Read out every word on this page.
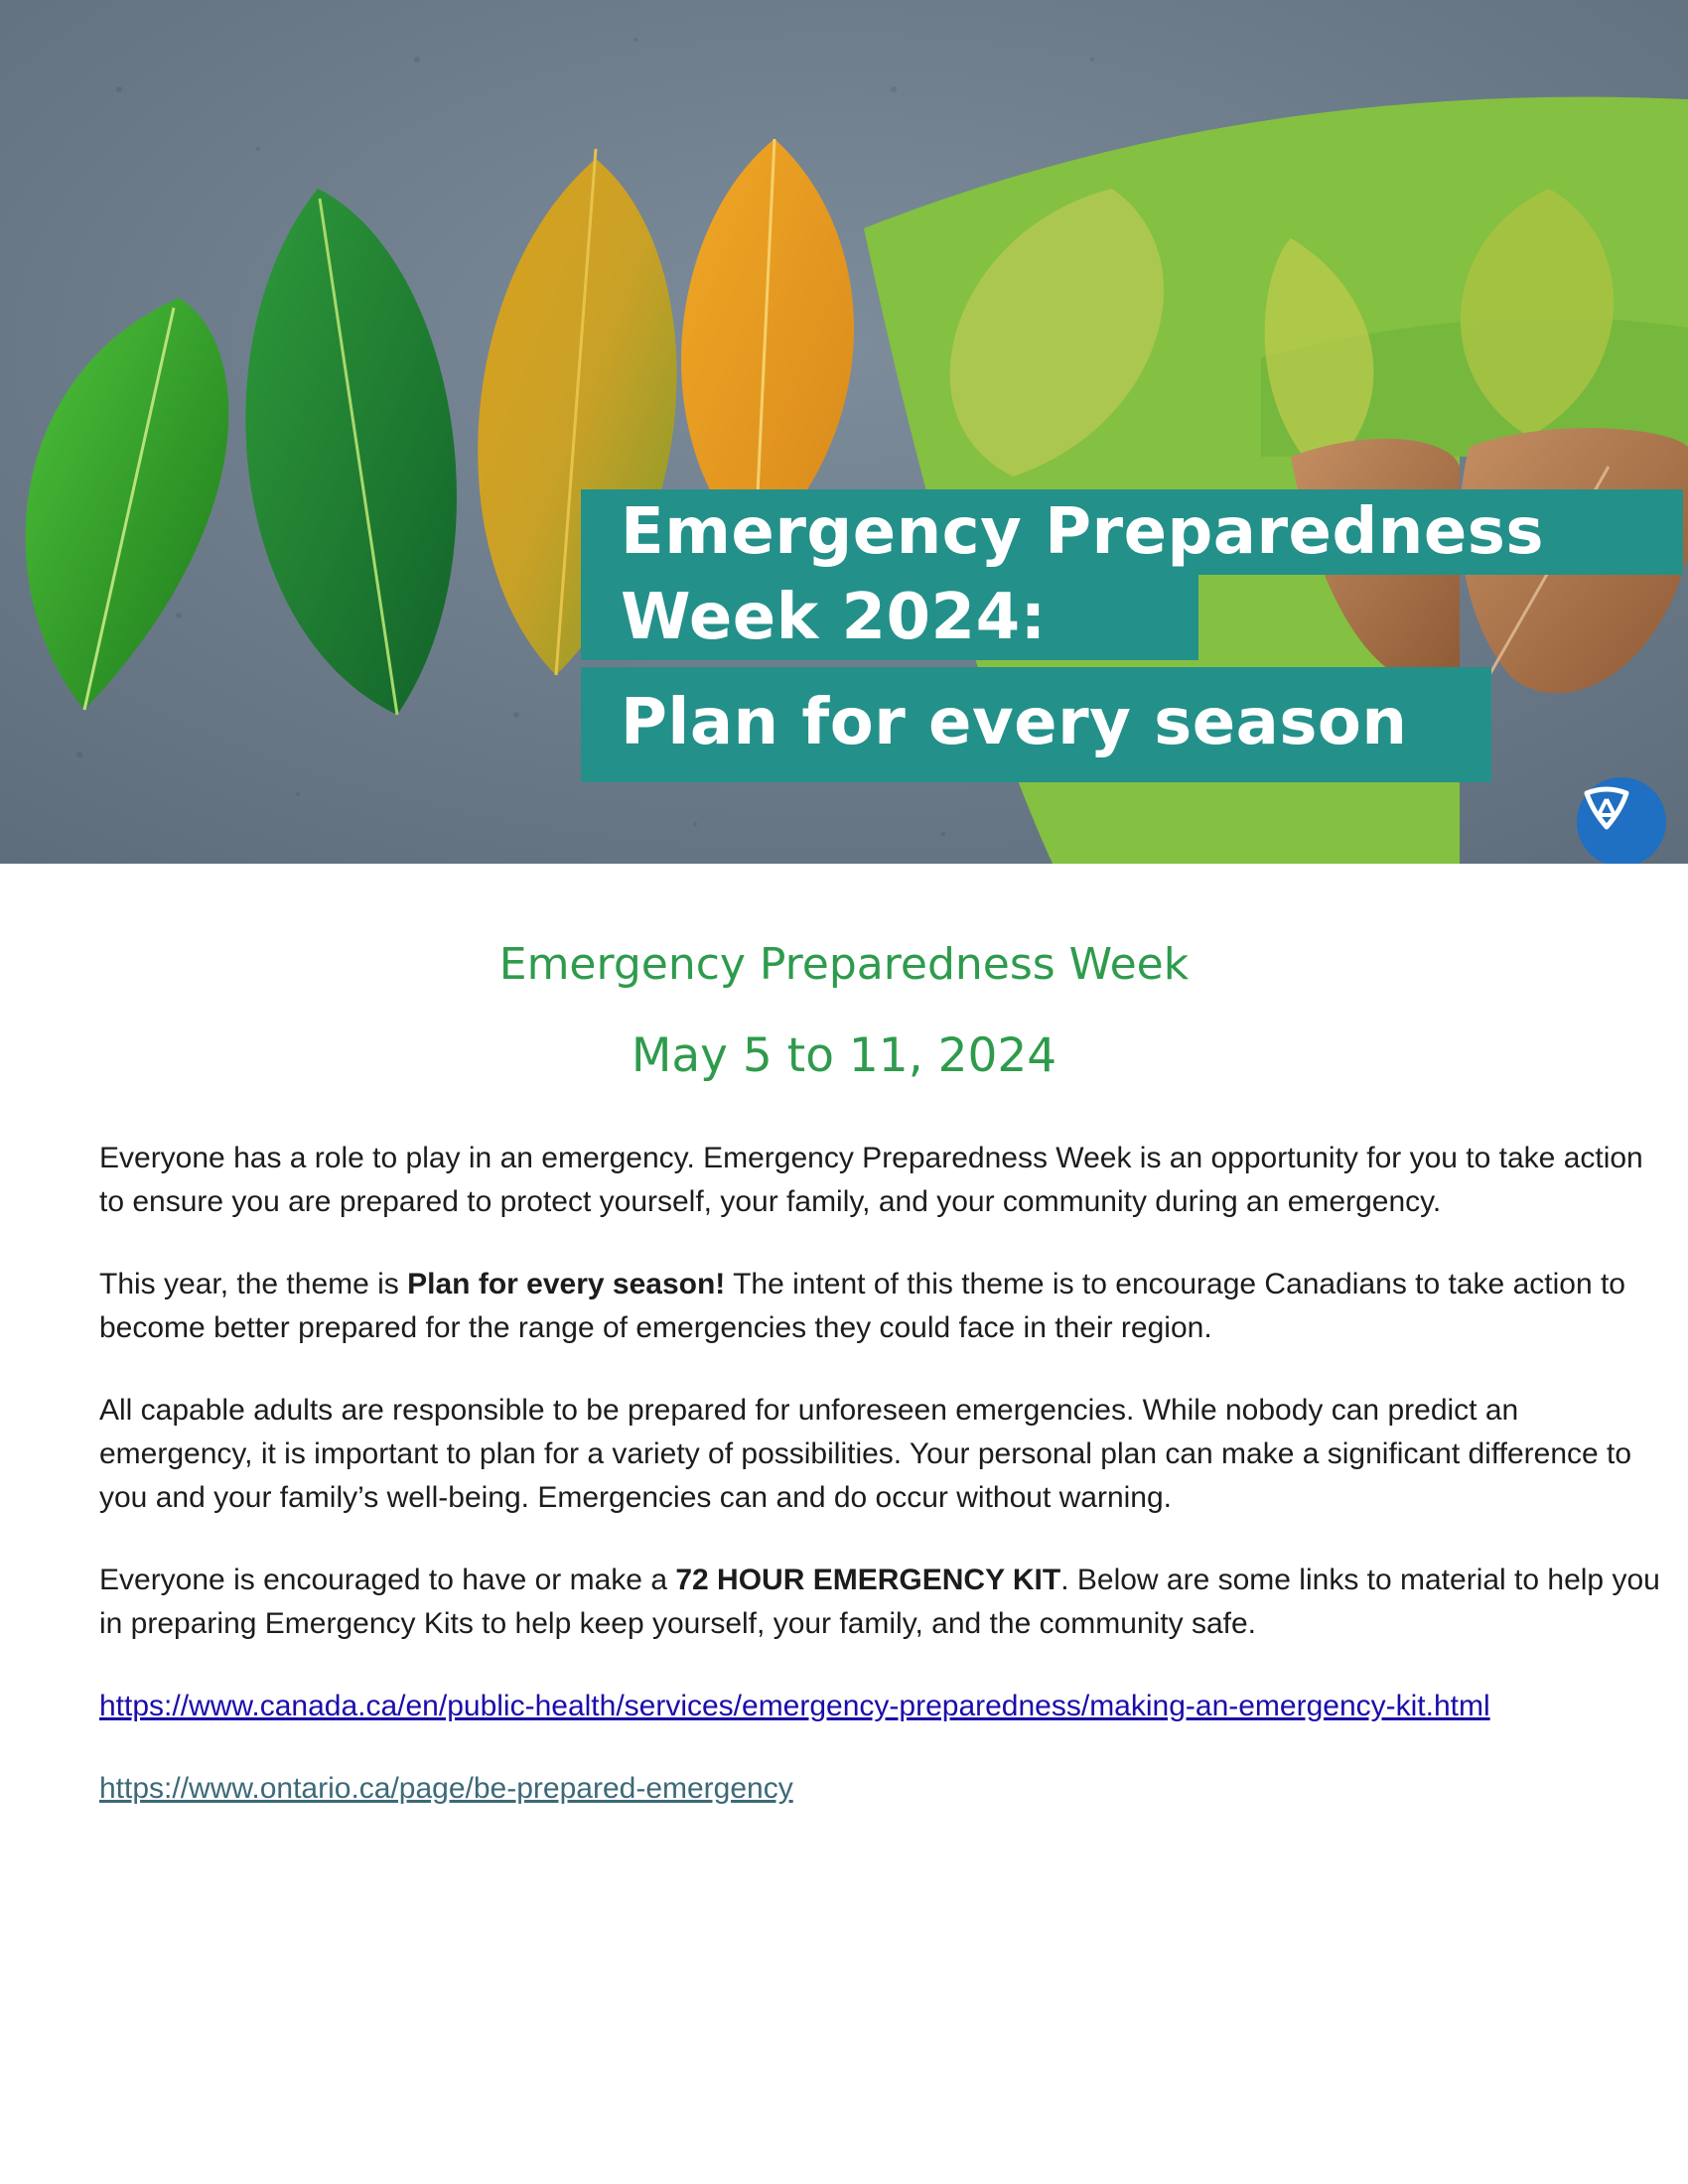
Emergency Preparedness
Week 2024:
Plan for every season
Emergency Preparedness Week
May 5 to 11, 2024

Everyone has a role to play in an emergency. Emergency Preparedness Week is an opportunity for you to take action to ensure you are prepared to protect yourself, your family, and your community during an emergency.

This year, the theme is Plan for every season! The intent of this theme is to encourage Canadians to take action to become better prepared for the range of emergencies they could face in their region.

All capable adults are responsible to be prepared for unforeseen emergencies. While nobody can predict an emergency, it is important to plan for a variety of possibilities. Your personal plan can make a significant difference to you and your family’s well-being. Emergencies can and do occur without warning.

Everyone is encouraged to have or make a 72 HOUR EMERGENCY KIT. Below are some links to material to help you in preparing Emergency Kits to help keep yourself, your family, and the community safe.

https://www.canada.ca/en/public-health/services/emergency-preparedness/making-an-emergency-kit.html
https://www.ontario.ca/page/be-prepared-emergency
